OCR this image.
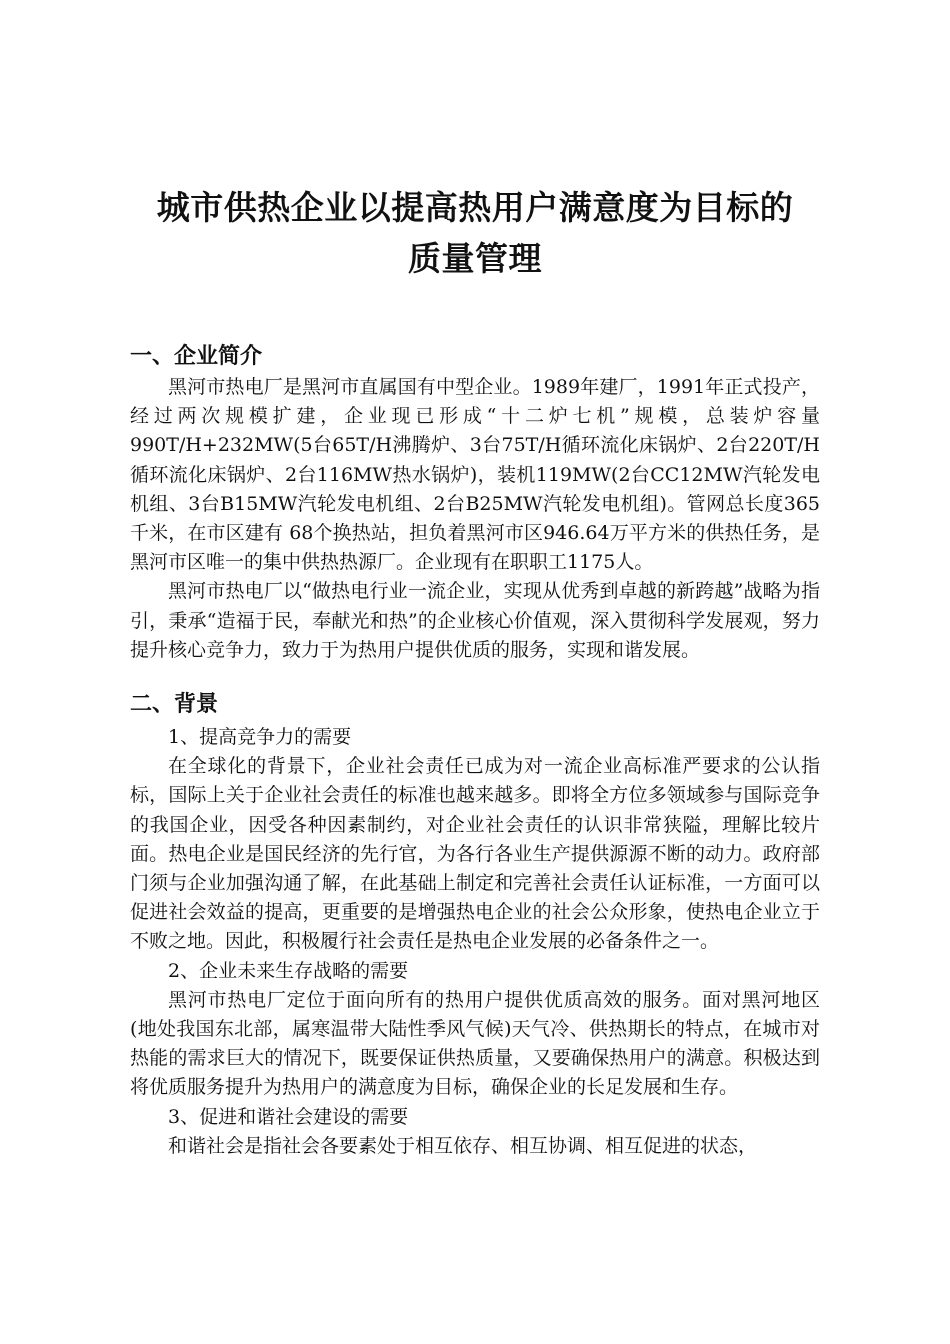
城市供热企业以提高热用户满意度为目标的
质量管理
一、企业简介

黑河市热电厂是黑河市直属国有中型企业。1989年建厂，1991年正式投产，经过两次规模扩建，企业现已形成“十二炉七机”规模，总装炉容量990T/H+232MW(5台65T/H沸腾炉、3台75T/H循环流化床锅炉、2台220T/H循环流化床锅炉、2台116MW热水锅炉)，装机119MW(2台CC12MW汽轮发电机组、3台B15MW汽轮发电机组、2台B25MW汽轮发电机组)。管网总长度365千米，在市区建有 68个换热站，担负着黑河市区946.64万平方米的供热任务，是黑河市区唯一的集中供热热源厂。企业现有在职职工1175人。

黑河市热电厂以“做热电行业一流企业，实现从优秀到卓越的新跨越”战略为指引，秉承“造福于民，奉献光和热”的企业核心价值观，深入贯彻科学发展观，努力提升核心竞争力，致力于为热用户提供优质的服务，实现和谐发展。

二、背景

1、提高竞争力的需要

在全球化的背景下，企业社会责任已成为对一流企业高标准严要求的公认指标，国际上关于企业社会责任的标准也越来越多。即将全方位多领域参与国际竞争的我国企业，因受各种因素制约，对企业社会责任的认识非常狭隘，理解比较片面。热电企业是国民经济的先行官，为各行各业生产提供源源不断的动力。政府部门须与企业加强沟通了解，在此基础上制定和完善社会责任认证标准，一方面可以促进社会效益的提高，更重要的是增强热电企业的社会公众形象，使热电企业立于不败之地。因此，积极履行社会责任是热电企业发展的必备条件之一。

2、企业未来生存战略的需要

黑河市热电厂定位于面向所有的热用户提供优质高效的服务。面对黑河地区(地处我国东北部，属寒温带大陆性季风气候)天气冷、供热期长的特点，在城市对热能的需求巨大的情况下，既要保证供热质量，又要确保热用户的满意。积极达到将优质服务提升为热用户的满意度为目标，确保企业的长足发展和生存。

3、促进和谐社会建设的需要

和谐社会是指社会各要素处于相互依存、相互协调、相互促进的状态，
